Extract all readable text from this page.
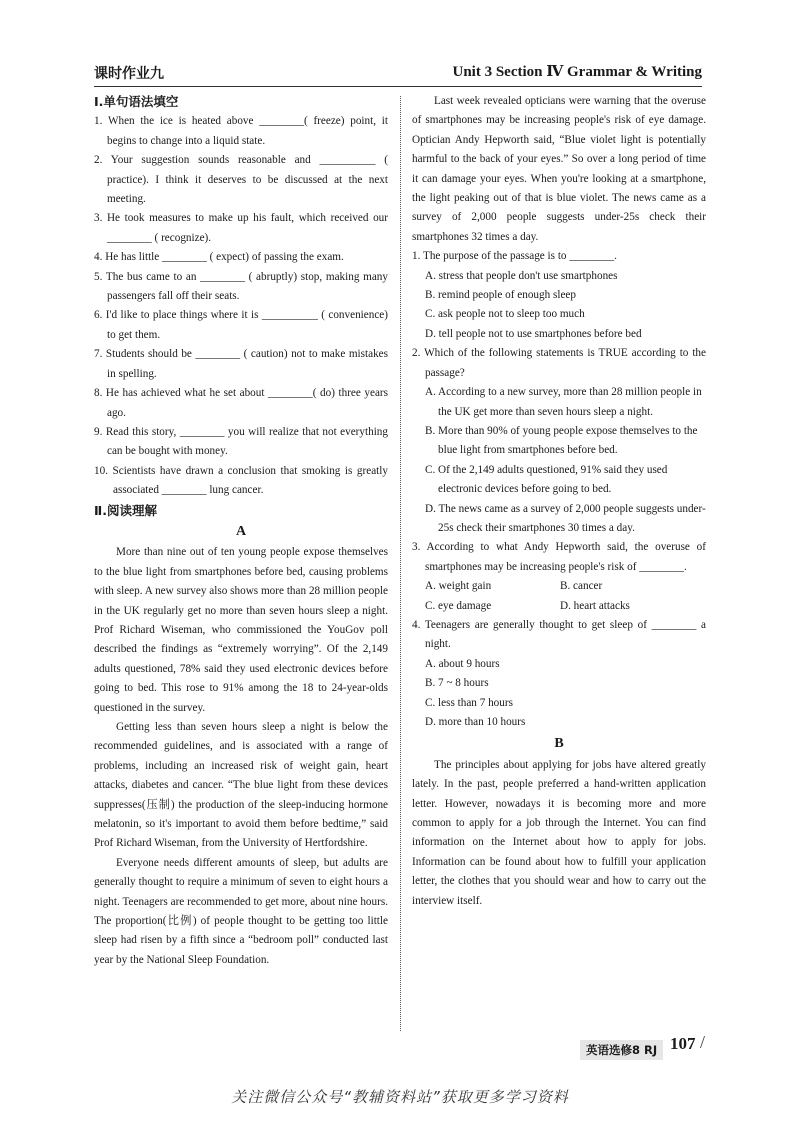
课时作业九	Unit 3 Section Ⅳ Grammar & Writing
Ⅰ.单句语法填空

1. When the ice is heated above ________( freeze) point, it begins to change into a liquid state.

2. Your suggestion sounds reasonable and __________ ( practice). I think it deserves to be discussed at the next meeting.

3. He took measures to make up his fault, which received our ________ ( recognize).

4. He has little ________ ( expect) of passing the exam.

5. The bus came to an ________ ( abruptly) stop, making many passengers fall off their seats.

6. I'd like to place things where it is __________ ( convenience) to get them.

7. Students should be ________ ( caution) not to make mistakes in spelling.

8. He has achieved what he set about ________( do) three years ago.

9. Read this story, ________ you will realize that not everything can be bought with money.

10. Scientists have drawn a conclusion that smoking is greatly associated ________ lung cancer.

Ⅱ.阅读理解
A

More than nine out of ten young people expose themselves to the blue light from smartphones before bed, causing problems with sleep. A new survey also shows more than 28 million people in the UK regularly get no more than seven hours sleep a night. Prof Richard Wiseman, who commissioned the YouGov poll described the findings as “extremely worrying”. Of the 2,149 adults questioned, 78% said they used electronic devices before going to bed. This rose to 91% among the 18 to 24-year-olds questioned in the survey.

Getting less than seven hours sleep a night is below the recommended guidelines, and is associated with a range of problems, including an increased risk of weight gain, heart attacks, diabetes and cancer. “The blue light from these devices suppresses(压制) the production of the sleep-inducing hormone melatonin, so it's important to avoid them before bedtime,” said Prof Richard Wiseman, from the University of Hertfordshire.

Everyone needs different amounts of sleep, but adults are generally thought to require a minimum of seven to eight hours a night. Teenagers are recommended to get more, about nine hours. The proportion(比例) of people thought to be getting too little sleep had risen by a fifth since a “bedroom poll” conducted last year by the National Sleep Foundation.

Last week revealed opticians were warning that the overuse of smartphones may be increasing people's risk of eye damage. Optician Andy Hepworth said, “Blue violet light is potentially harmful to the back of your eyes.” So over a long period of time it can damage your eyes. When you're looking at a smartphone, the light peaking out of that is blue violet. The news came as a survey of 2,000 people suggests under-25s check their smartphones 32 times a day.

1. The purpose of the passage is to ________.

A. stress that people don't use smartphones

B. remind people of enough sleep

C. ask people not to sleep too much

D. tell people not to use smartphones before bed

2. Which of the following statements is TRUE according to the passage?

A. According to a new survey, more than 28 million people in the UK get more than seven hours sleep a night.

B. More than 90% of young people expose themselves to the blue light from smartphones before bed.

C. Of the 2,149 adults questioned, 91% said they used electronic devices before going to bed.

D. The news came as a survey of 2,000 people suggests under-25s check their smartphones 30 times a day.

3. According to what Andy Hepworth said, the overuse of smartphones may be increasing people's risk of ________.

A. weight gain	B. cancer
C. eye damage	D. heart attacks

4. Teenagers are generally thought to get sleep of ________ a night.

A. about 9 hours

B. 7 ~ 8 hours

C. less than 7 hours

D. more than 10 hours

B

The principles about applying for jobs have altered greatly lately. In the past, people preferred a hand-written application letter. However, nowadays it is becoming more and more common to apply for a job through the Internet. You can find information on the Internet about how to apply for jobs. Information can be found about how to fulfill your application letter, the clothes that you should wear and how to carry out the interview itself.

英语选修8 RJ 107 /
关注微信公众号“教辅资料站”获取更多学习资料
